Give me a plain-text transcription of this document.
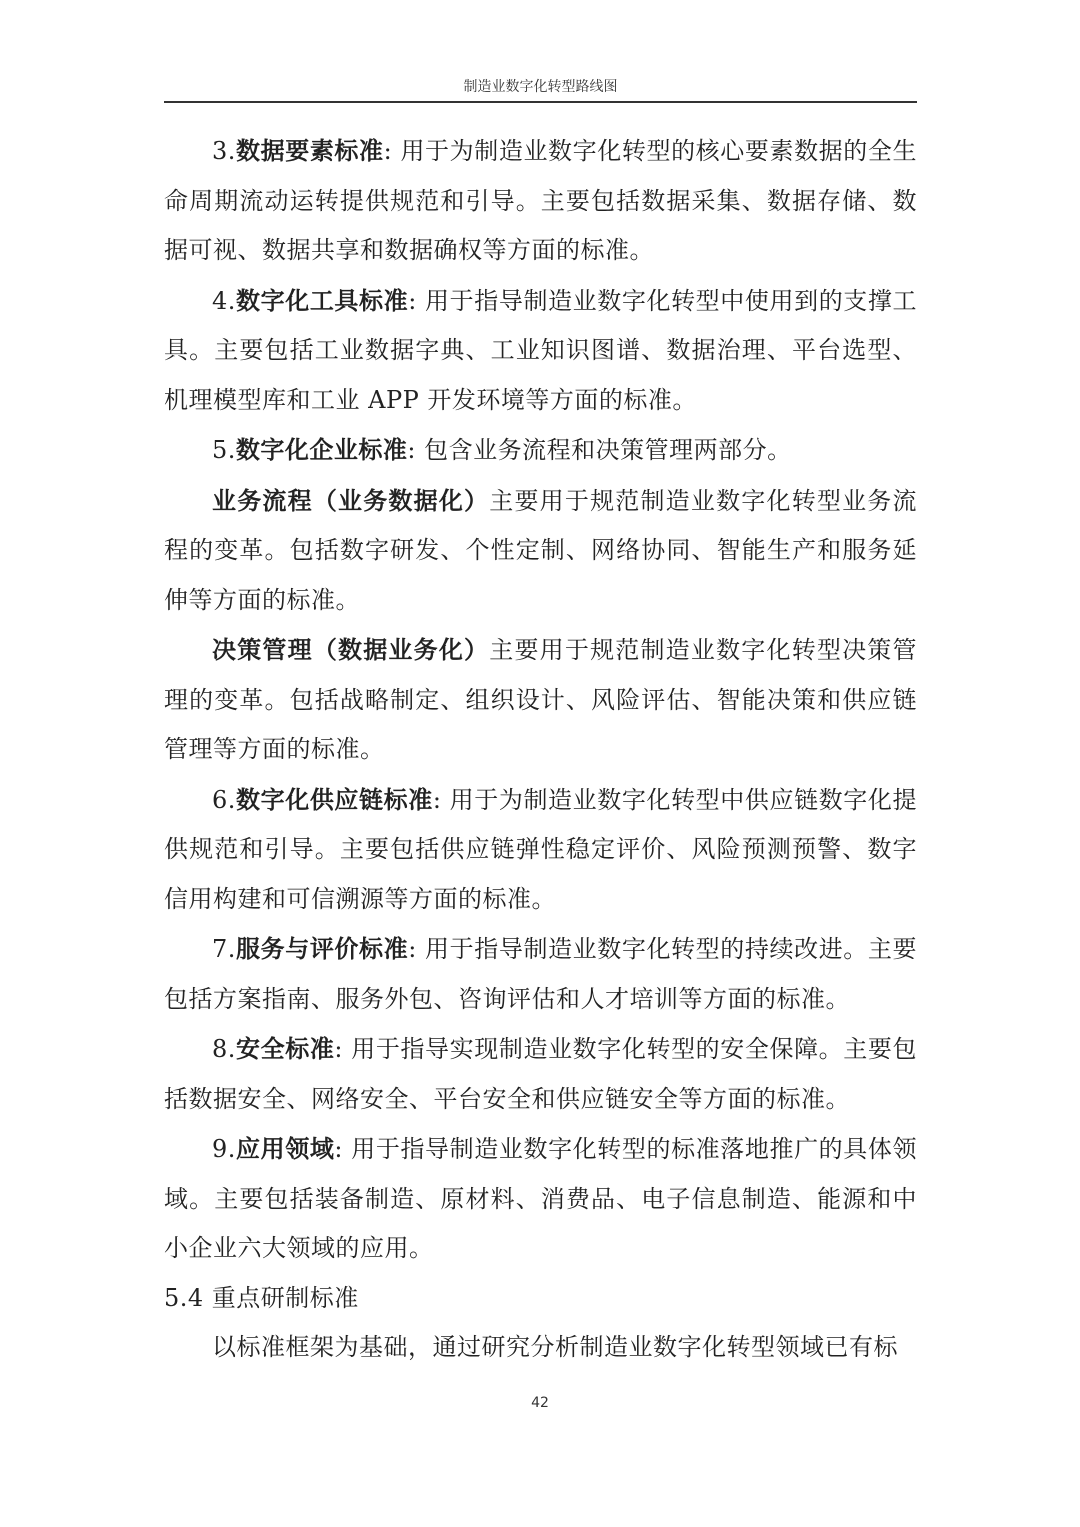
制造业数字化转型路线图

3.数据要素标准: 用于为制造业数字化转型的核心要素数据的全生命周期流动运转提供规范和引导。主要包括数据采集、数据存储、数据可视、数据共享和数据确权等方面的标准。

4.数字化工具标准: 用于指导制造业数字化转型中使用到的支撑工具。主要包括工业数据字典、工业知识图谱、数据治理、平台选型、机理模型库和工业 APP 开发环境等方面的标准。

5.数字化企业标准: 包含业务流程和决策管理两部分。

业务流程（业务数据化）主要用于规范制造业数字化转型业务流程的变革。包括数字研发、个性定制、网络协同、智能生产和服务延伸等方面的标准。

决策管理（数据业务化）主要用于规范制造业数字化转型决策管理的变革。包括战略制定、组织设计、风险评估、智能决策和供应链管理等方面的标准。

6.数字化供应链标准: 用于为制造业数字化转型中供应链数字化提供规范和引导。主要包括供应链弹性稳定评价、风险预测预警、数字信用构建和可信溯源等方面的标准。

7.服务与评价标准: 用于指导制造业数字化转型的持续改进。主要包括方案指南、服务外包、咨询评估和人才培训等方面的标准。

8.安全标准: 用于指导实现制造业数字化转型的安全保障。主要包括数据安全、网络安全、平台安全和供应链安全等方面的标准。

9.应用领域: 用于指导制造业数字化转型的标准落地推广的具体领域。主要包括装备制造、原材料、消费品、电子信息制造、能源和中小企业六大领域的应用。

5.4 重点研制标准

以标准框架为基础，通过研究分析制造业数字化转型领域已有标

42
